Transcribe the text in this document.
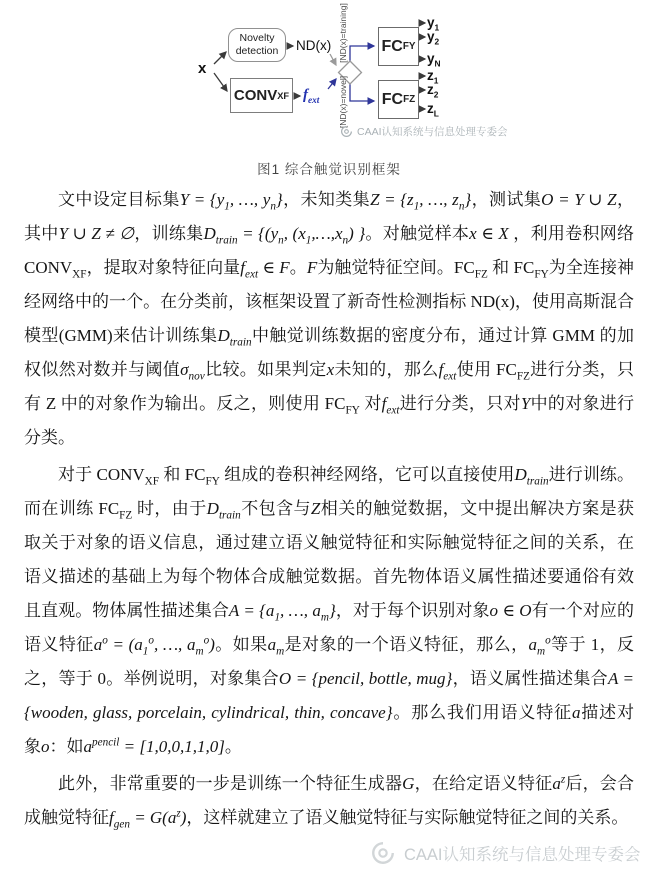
x
Novelty detection	ND(x)
CONV XF $f_{ext}$
[ND(x)=training]
[ND(x)=novel]
FC FY
FC FZ
$y_1$
$y_2$
$y_N$
$z_1$
$z_2$
$z_L$
CAAI认知系统与信息处理专委会
图1 综合触觉识别框架

文中设定目标集$Y = \{y_1$, …, $y_n$}，未知类集$Z = \{z_1$, …, $z_n$}，测试集O = Y ∪ Z，其中Y ∪ Z ≠ ∅，训练集$D_{train} = \{(y_n$, $(x_1,\dots,x_n)$ }。对触觉样本x ∈ X ，利用卷积网络 $CONV_{XF}$，提取对象特征向量$f_{ext}$ ∈ F。F为触觉特征空间。$FC_{FZ}$ 和 $FC_{FY}$为全连接神经网络中的一个。在分类前，该框架设置了新奇性检测指标 ND(x)，使用高斯混合模型(GMM)来估计训练集$D_{train}$中触觉训练数据的密度分布，通过计算 GMM 的加权似然对数并与阈值$\sigma_{nov}$比较。如果判定x未知的，那么$f_{ext}$使用 $FC_{FZ}$进行分类，只有 Z 中的对象作为输出。反之，则使用 $FC_{FY}$ 对$f_{ext}$进行分类，只对Y中的对象进行分类。

对于 $CONV_{XF}$ 和 $FC_{FY}$ 组成的卷积神经网络，它可以直接使用$D_{train}$进行训练。而在训练 $FC_{FZ}$ 时，由于$D_{train}$不包含与Z相关的触觉数据，文中提出解决方案是获取关于对象的语义信息，通过建立语义触觉特征和实际触觉特征之间的关系，在语义描述的基础上为每个物体合成触觉数据。首先物体语义属性描述要通俗有效且直观。物体属性描述集合$A = \{a_1$, …, $a_m$}，对于每个识别对象o ∈ O有一个对应的语义特征$a^o = (a_1^o$, …, $a_m^o$)。如果$a_m$是对象的一个语义特征，那么，$a_m^o$等于 1，反之，等于 0。举例说明，对象集合O = {pencil, bottle, mug}，语义属性描述集合A = {wooden, glass, porcelain, cylindrical, thin, concave}。那么我们用语义特征a描述对象o：如$a^{pencil} = [1,0,0,1,1,0]$。

此外，非常重要的一步是训练一个特征生成器G，在给定语义特征$a^z$后，会合成触觉特征$f_{gen} = G(a^z)$，这样就建立了语义触觉特征与实际触觉特征之间的关系。

CAAI认知系统与信息处理专委会
